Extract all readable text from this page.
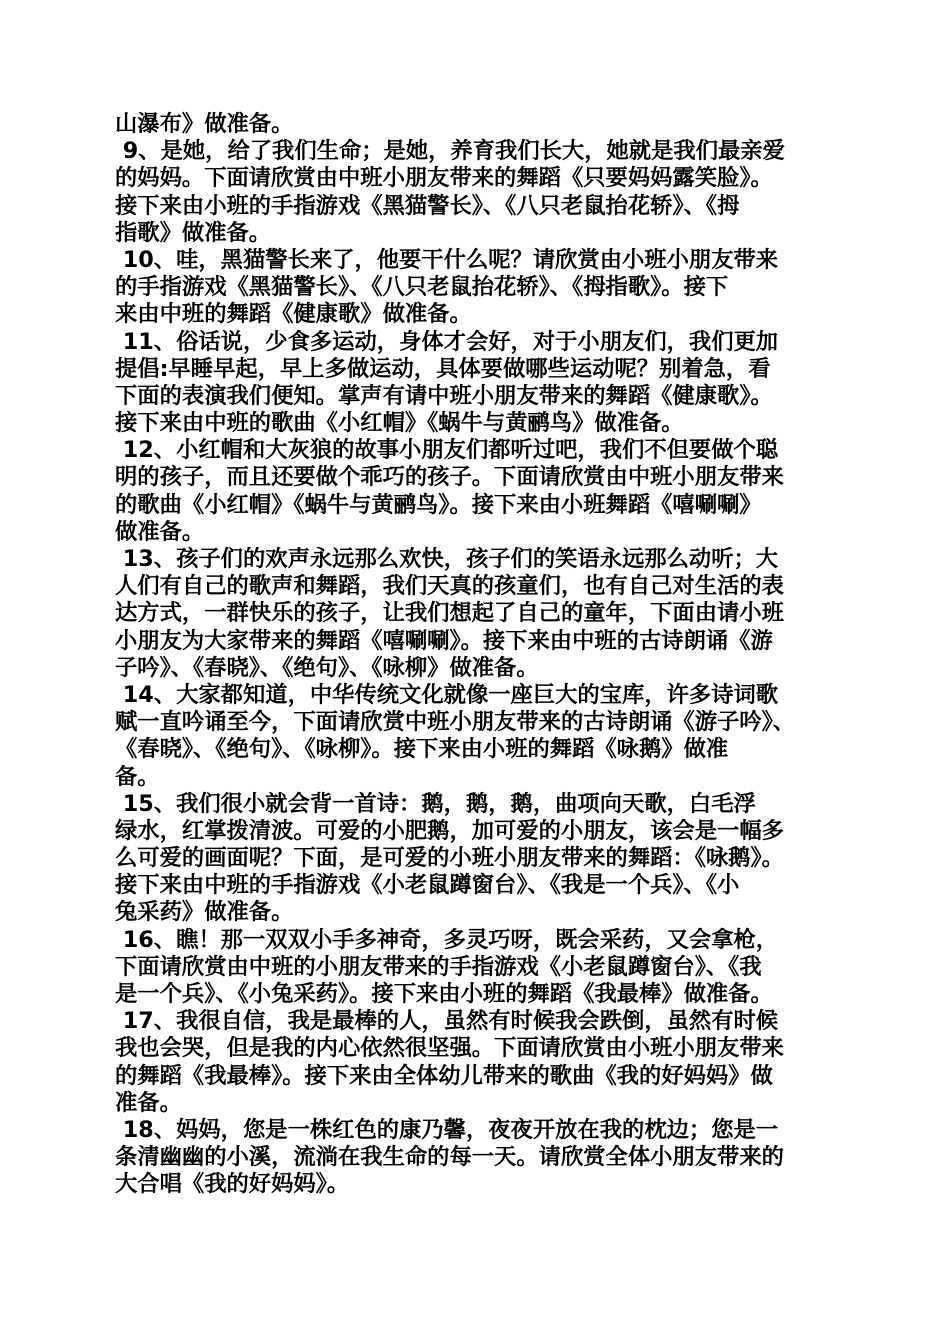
山瀑布》做准备。
9、是她，给了我们生命；是她，养育我们长大，她就是我们最亲爱
的妈妈。下面请欣赏由中班小朋友带来的舞蹈《只要妈妈露笑脸》。
接下来由小班的手指游戏《黑猫警长》、《八只老鼠抬花轿》、《拇
指歌》做准备。
10、哇，黑猫警长来了，他要干什么呢？请欣赏由小班小朋友带来
的手指游戏《黑猫警长》、《八只老鼠抬花轿》、《拇指歌》。接下
来由中班的舞蹈《健康歌》做准备。
11、俗话说，少食多运动，身体才会好，对于小朋友们，我们更加
提倡:早睡早起，早上多做运动，具体要做哪些运动呢？别着急，看
下面的表演我们便知。掌声有请中班小朋友带来的舞蹈《健康歌》。
接下来由中班的歌曲《小红帽》《蜗牛与黄鹂鸟》做准备。
12、小红帽和大灰狼的故事小朋友们都听过吧，我们不但要做个聪
明的孩子，而且还要做个乖巧的孩子。下面请欣赏由中班小朋友带来
的歌曲《小红帽》《蜗牛与黄鹂鸟》。接下来由小班舞蹈《嘻唰唰》
做准备。
13、孩子们的欢声永远那么欢快，孩子们的笑语永远那么动听；大
人们有自己的歌声和舞蹈，我们天真的孩童们，也有自己对生活的表
达方式，一群快乐的孩子，让我们想起了自己的童年，下面由请小班
小朋友为大家带来的舞蹈《嘻唰唰》。接下来由中班的古诗朗诵《游
子吟》、《春晓》、《绝句》、《咏柳》做准备。
14、大家都知道，中华传统文化就像一座巨大的宝库，许多诗词歌
赋一直吟诵至今，下面请欣赏中班小朋友带来的古诗朗诵《游子吟》、
《春晓》、《绝句》、《咏柳》。接下来由小班的舞蹈《咏鹅》做准
备。
15、我们很小就会背一首诗：鹅，鹅，鹅，曲项向天歌，白毛浮
绿水，红掌拨清波。可爱的小肥鹅，加可爱的小朋友，该会是一幅多
么可爱的画面呢？下面，是可爱的小班小朋友带来的舞蹈：《咏鹅》。
接下来由中班的手指游戏《小老鼠蹲窗台》、《我是一个兵》、《小
兔采药》做准备。
16、瞧！那一双双小手多神奇，多灵巧呀，既会采药，又会拿枪，
下面请欣赏由中班的小朋友带来的手指游戏《小老鼠蹲窗台》、《我
是一个兵》、《小兔采药》。接下来由小班的舞蹈《我最棒》做准备。
17、我很自信，我是最棒的人，虽然有时候我会跌倒，虽然有时候
我也会哭，但是我的内心依然很坚强。下面请欣赏由小班小朋友带来
的舞蹈《我最棒》。接下来由全体幼儿带来的歌曲《我的好妈妈》做
准备。
18、妈妈，您是一株红色的康乃馨，夜夜开放在我的枕边；您是一
条清幽幽的小溪，流淌在我生命的每一天。请欣赏全体小朋友带来的
大合唱《我的好妈妈》。
